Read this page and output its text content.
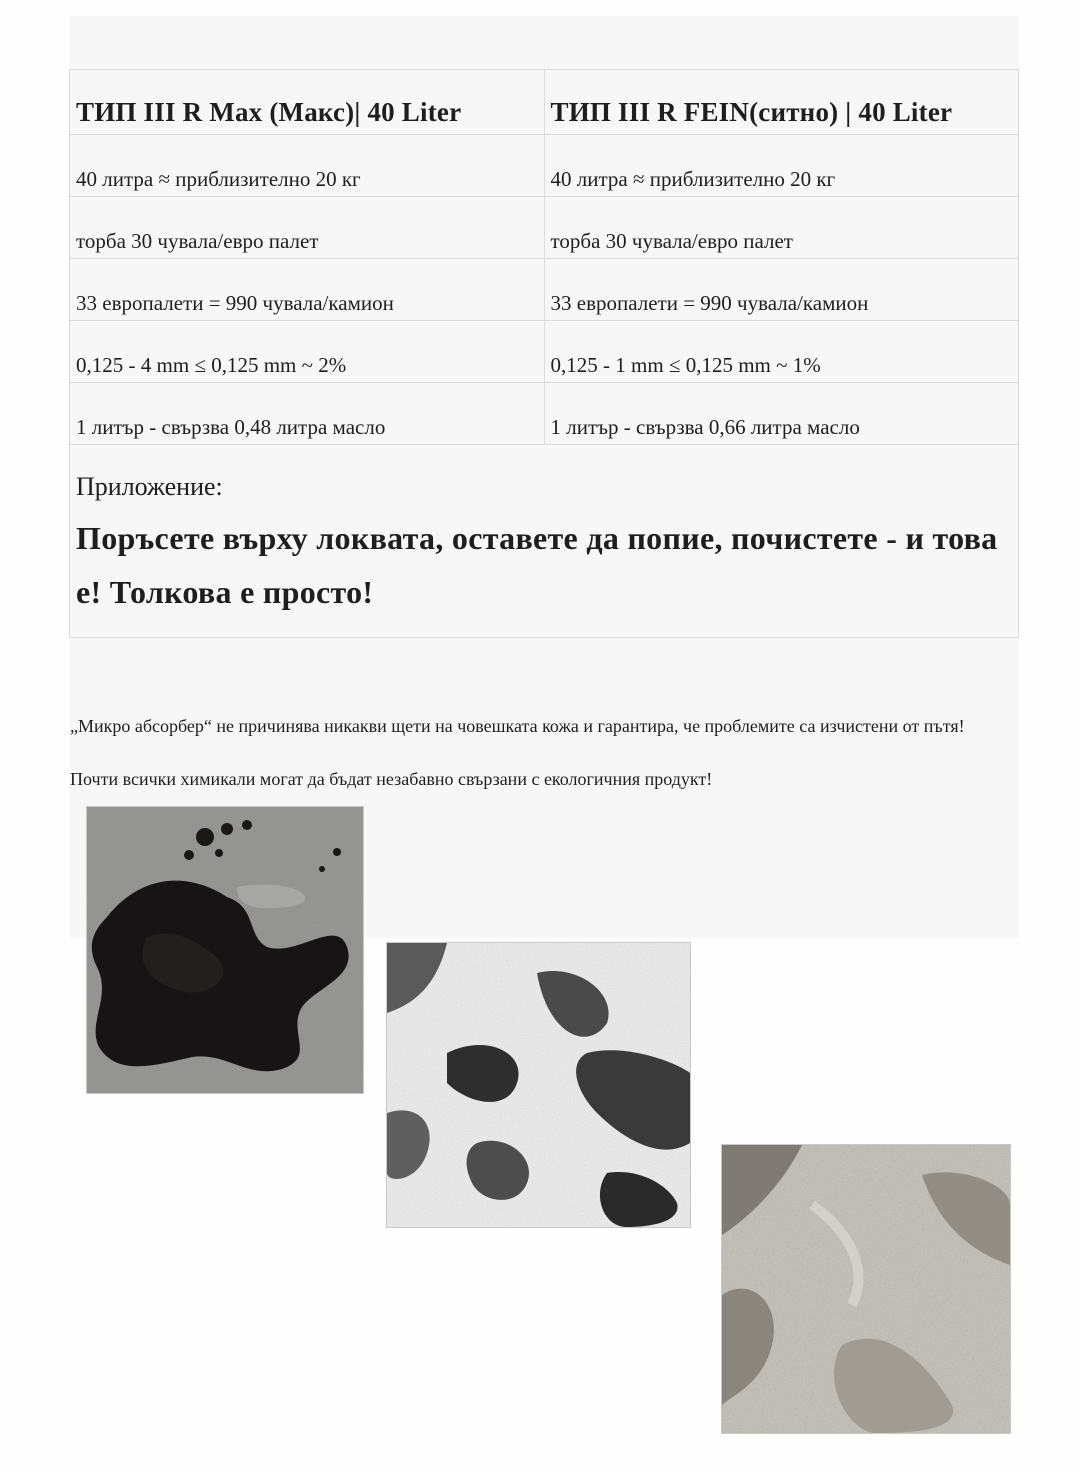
ТИП III R Max (Макс)| 40 Liter	ТИП III R FEIN(ситно) | 40 Liter
40 литра ≈ приблизително 20 кг	40 литра ≈ приблизително 20 кг
торба 30 чувала/евро палет	торба 30 чувала/евро палет
33 европалети = 990 чувала/камион	33 европалети = 990 чувала/камион
0,125 - 4 mm ≤ 0,125 mm ~ 2%	0,125 - 1 mm ≤ 0,125 mm ~ 1%
1 литър - свързва 0,48 литра масло	1 литър - свързва 0,66 литра масло

Приложение:
Поръсете върху локвата, оставете да попие, почистете - и това е! Толкова е просто!	

„Микро абсорбер“ не причинява никакви щети на човешката кожа и гарантира, че проблемите са изчистени от пътя!Почти всички химикали могат да бъдат незабавно свързани с екологичния продукт!
